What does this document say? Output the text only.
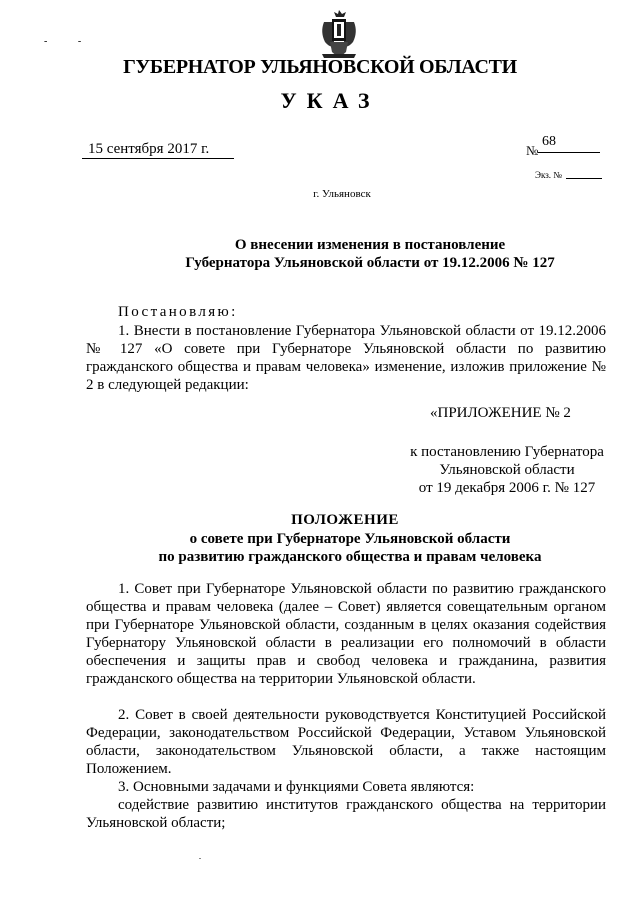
- -
ГУБЕРНАТОР УЛЬЯНОВСКОЙ ОБЛАСТИ
УКАЗ
15 сентября 2017 г.	№
68
Экз. №
г. Ульяновск
О внесении изменения в постановление
Губернатора Ульяновской области от 19.12.2006 № 127
Постановляю:
1. Внести в постановление Губернатора Ульяновской области от 19.12.2006 № 127 «О совете при Губернаторе Ульяновской области по развитию гражданского общества и правам человека» изменение, изложив приложение № 2 в следующей редакции:
«ПРИЛОЖЕНИЕ № 2
к постановлению Губернатора
Ульяновской области
от 19 декабря 2006 г. № 127
ПОЛОЖЕНИЕ
о совете при Губернаторе Ульяновской области
по развитию гражданского общества и правам человека
1. Совет при Губернаторе Ульяновской области по развитию гражданского общества и правам человека (далее – Совет) является совещательным органом при Губернаторе Ульяновской области, созданным в целях оказания содействия Губернатору Ульяновской области в реализации его полномочий в области обеспечения и защиты прав и свобод человека и гражданина, развития гражданского общества на территории Ульяновской области.
2. Совет в своей деятельности руководствуется Конституцией Российской Федерации, законодательством Российской Федерации, Уставом Ульяновской области, законодательством Ульяновской области, а также настоящим Положением.
3. Основными задачами и функциями Совета являются:
содействие развитию институтов гражданского общества на территории Ульяновской области;
